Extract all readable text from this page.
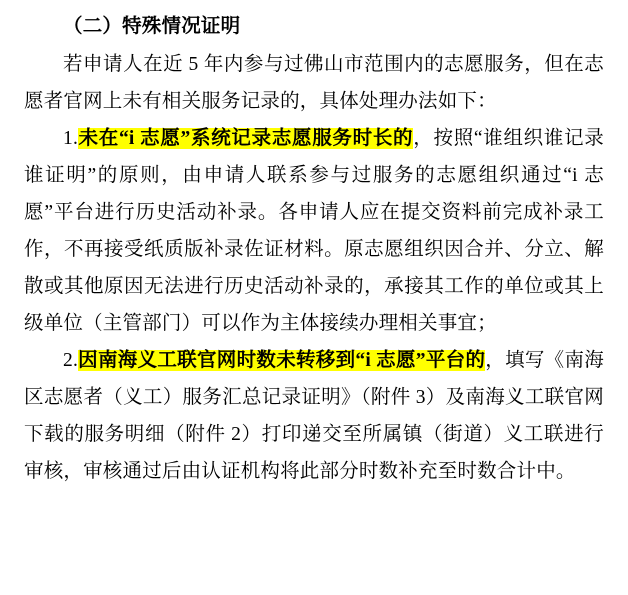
（二）特殊情况证明

若申请人在近 5 年内参与过佛山市范围内的志愿服务，但在志愿者官网上未有相关服务记录的，具体处理办法如下：

1.未在“i 志愿”系统记录志愿服务时长的，按照“谁组织谁记录谁证明”的原则，由申请人联系参与过服务的志愿组织通过“i 志愿”平台进行历史活动补录。各申请人应在提交资料前完成补录工作，不再接受纸质版补录佐证材料。原志愿组织因合并、分立、解散或其他原因无法进行历史活动补录的，承接其工作的单位或其上级单位（主管部门）可以作为主体接续办理相关事宜；

2.因南海义工联官网时数未转移到“i 志愿”平台的，填写《南海区志愿者（义工）服务汇总记录证明》（附件 3）及南海义工联官网下载的服务明细（附件 2）打印递交至所属镇（街道）义工联进行审核，审核通过后由认证机构将此部分时数补充至时数合计中。
